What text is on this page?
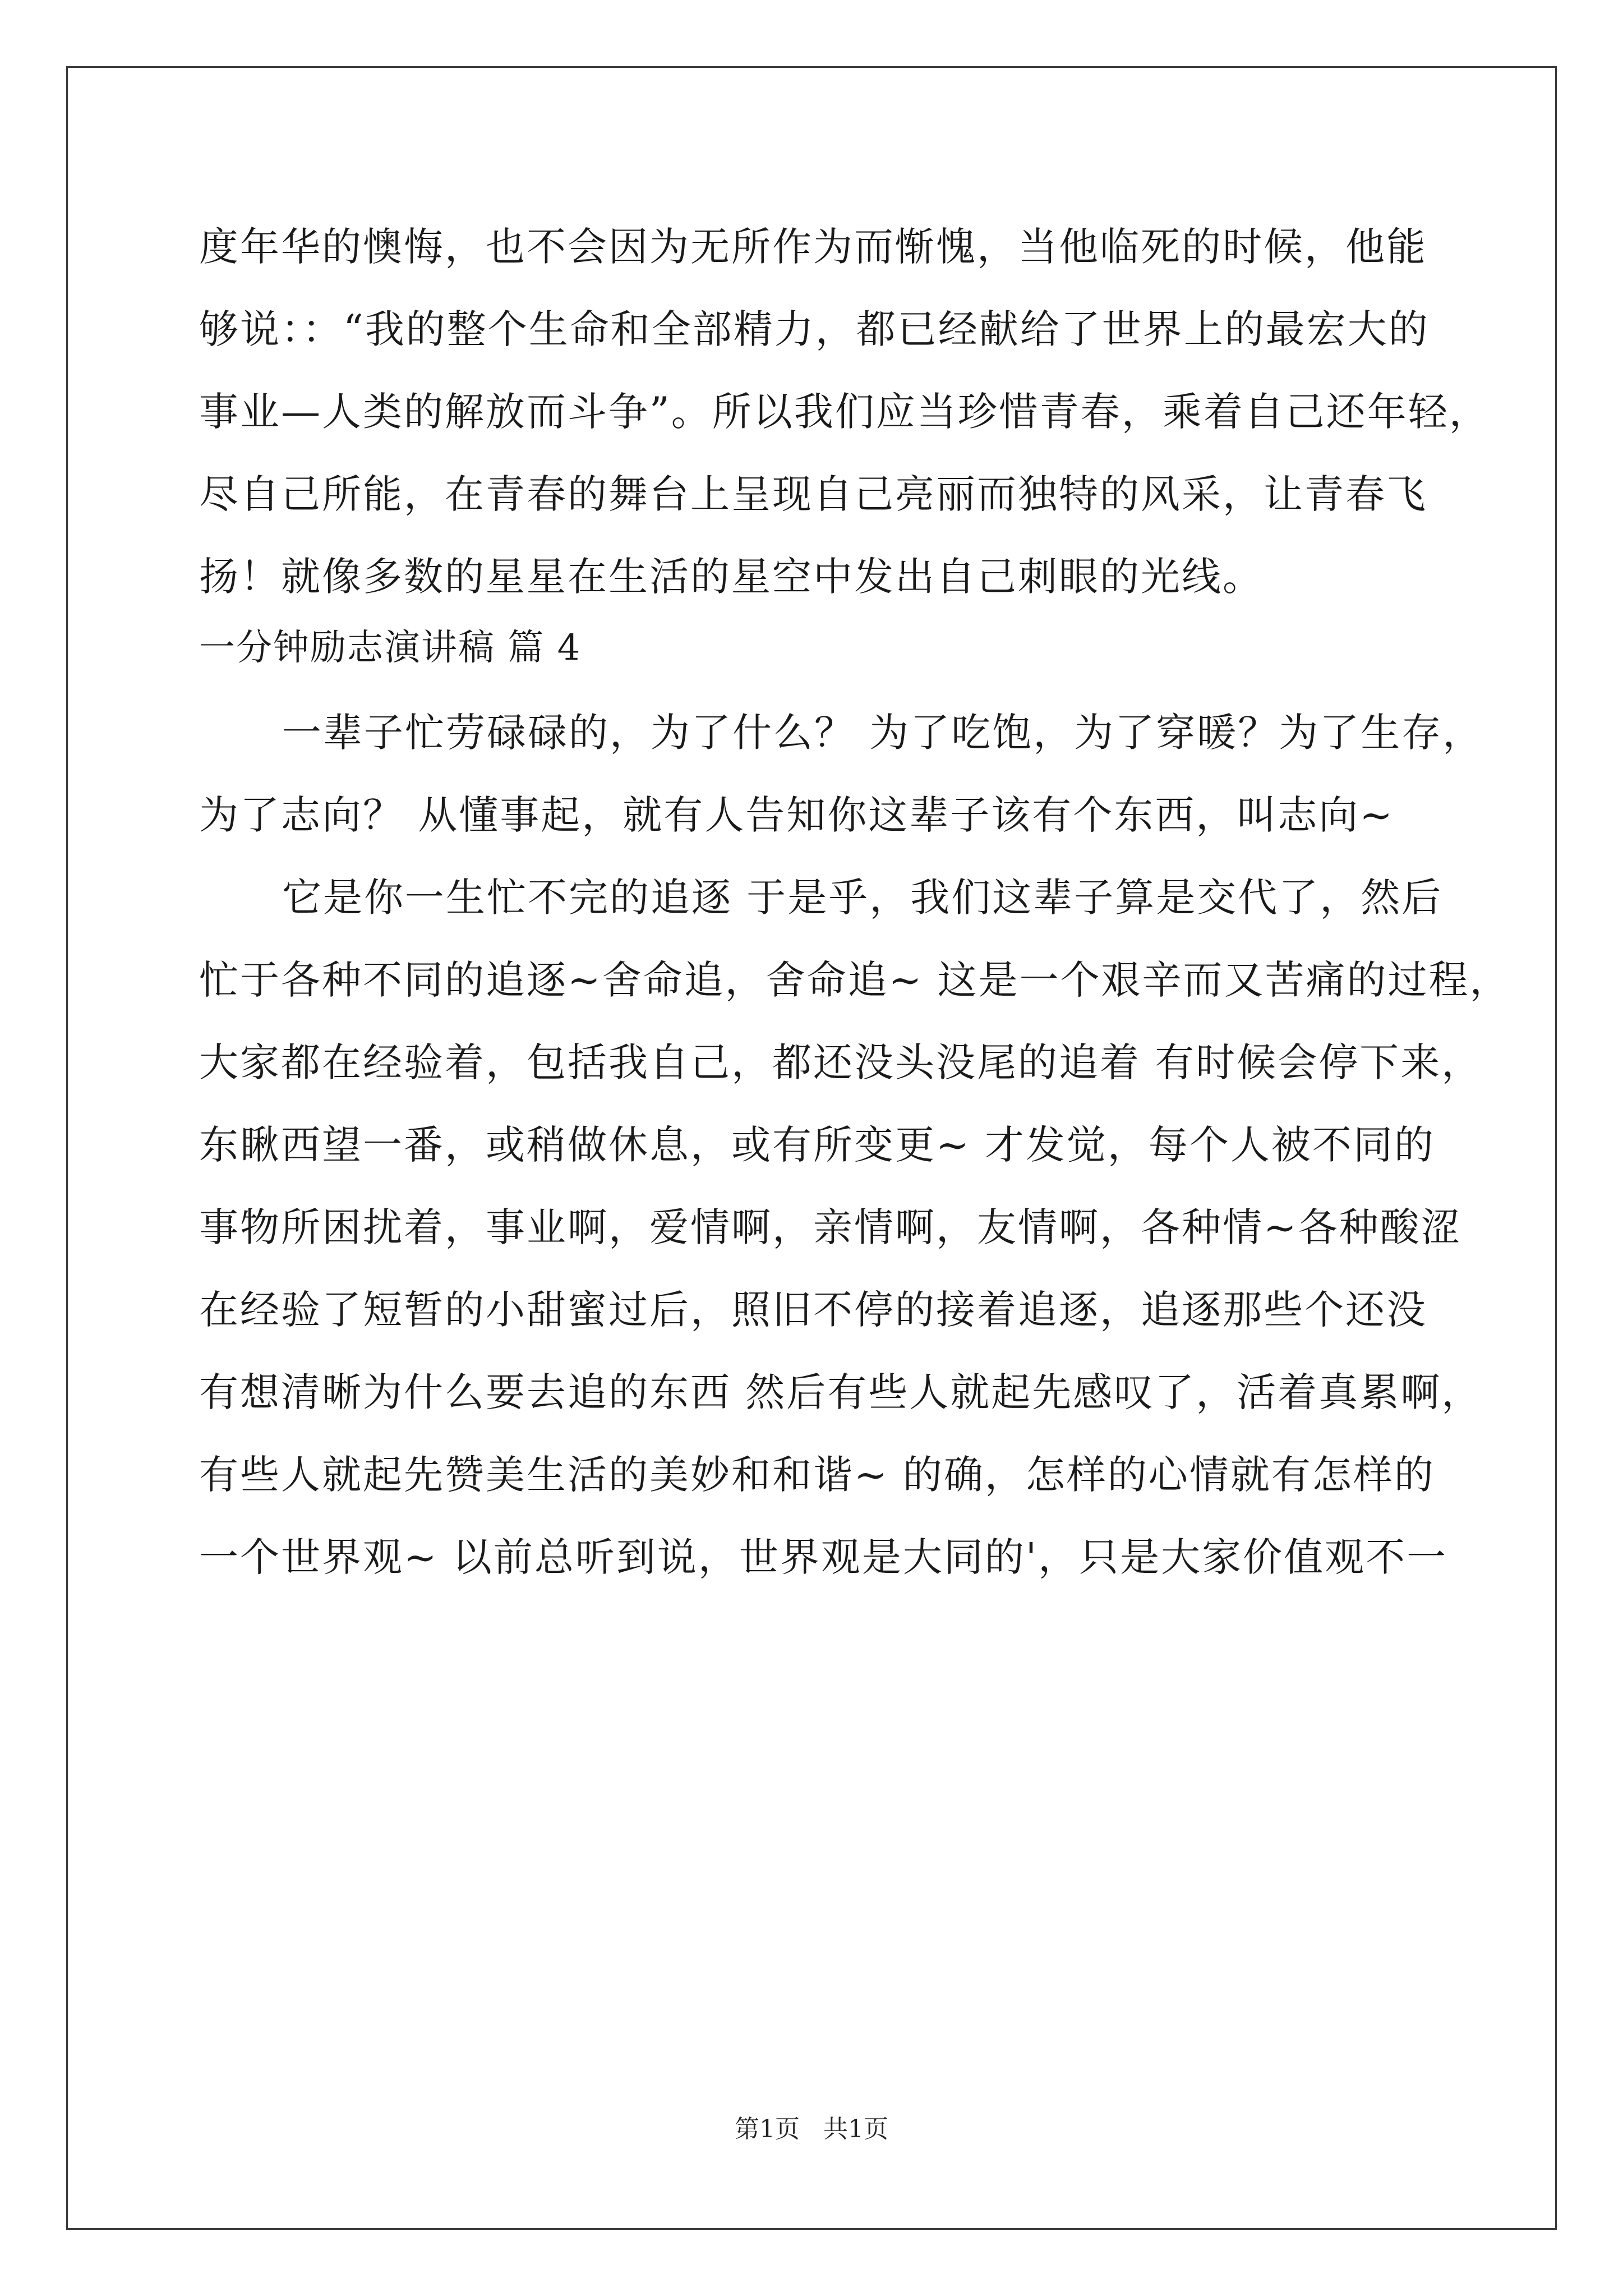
度年华的懊悔，也不会因为无所作为而惭愧，当他临死的时候，他能
够说：：“我的整个生命和全部精力，都已经献给了世界上的最宏大的
事业—人类的解放而斗争”。所以我们应当珍惜青春，乘着自己还年轻，
尽自己所能，在青春的舞台上呈现自己亮丽而独特的风采，让青春飞
扬！就像多数的星星在生活的星空中发出自己刺眼的光线。
一分钟励志演讲稿 篇 4
一辈子忙劳碌碌的，为了什么？ 为了吃饱，为了穿暖？为了生存，
为了志向？ 从懂事起，就有人告知你这辈子该有个东西，叫志向~
它是你一生忙不完的追逐 于是乎，我们这辈子算是交代了，然后
忙于各种不同的追逐~舍命追，舍命追~ 这是一个艰辛而又苦痛的过程，
大家都在经验着，包括我自己，都还没头没尾的追着 有时候会停下来，
东瞅西望一番，或稍做休息，或有所变更~ 才发觉，每个人被不同的
事物所困扰着，事业啊，爱情啊，亲情啊，友情啊，各种情~各种酸涩
在经验了短暂的小甜蜜过后，照旧不停的接着追逐，追逐那些个还没
有想清晰为什么要去追的东西 然后有些人就起先感叹了，活着真累啊，
有些人就起先赞美生活的美妙和和谐~ 的确，怎样的心情就有怎样的
一个世界观~ 以前总听到说，世界观是大同的'，只是大家价值观不一
第1页 共1页
